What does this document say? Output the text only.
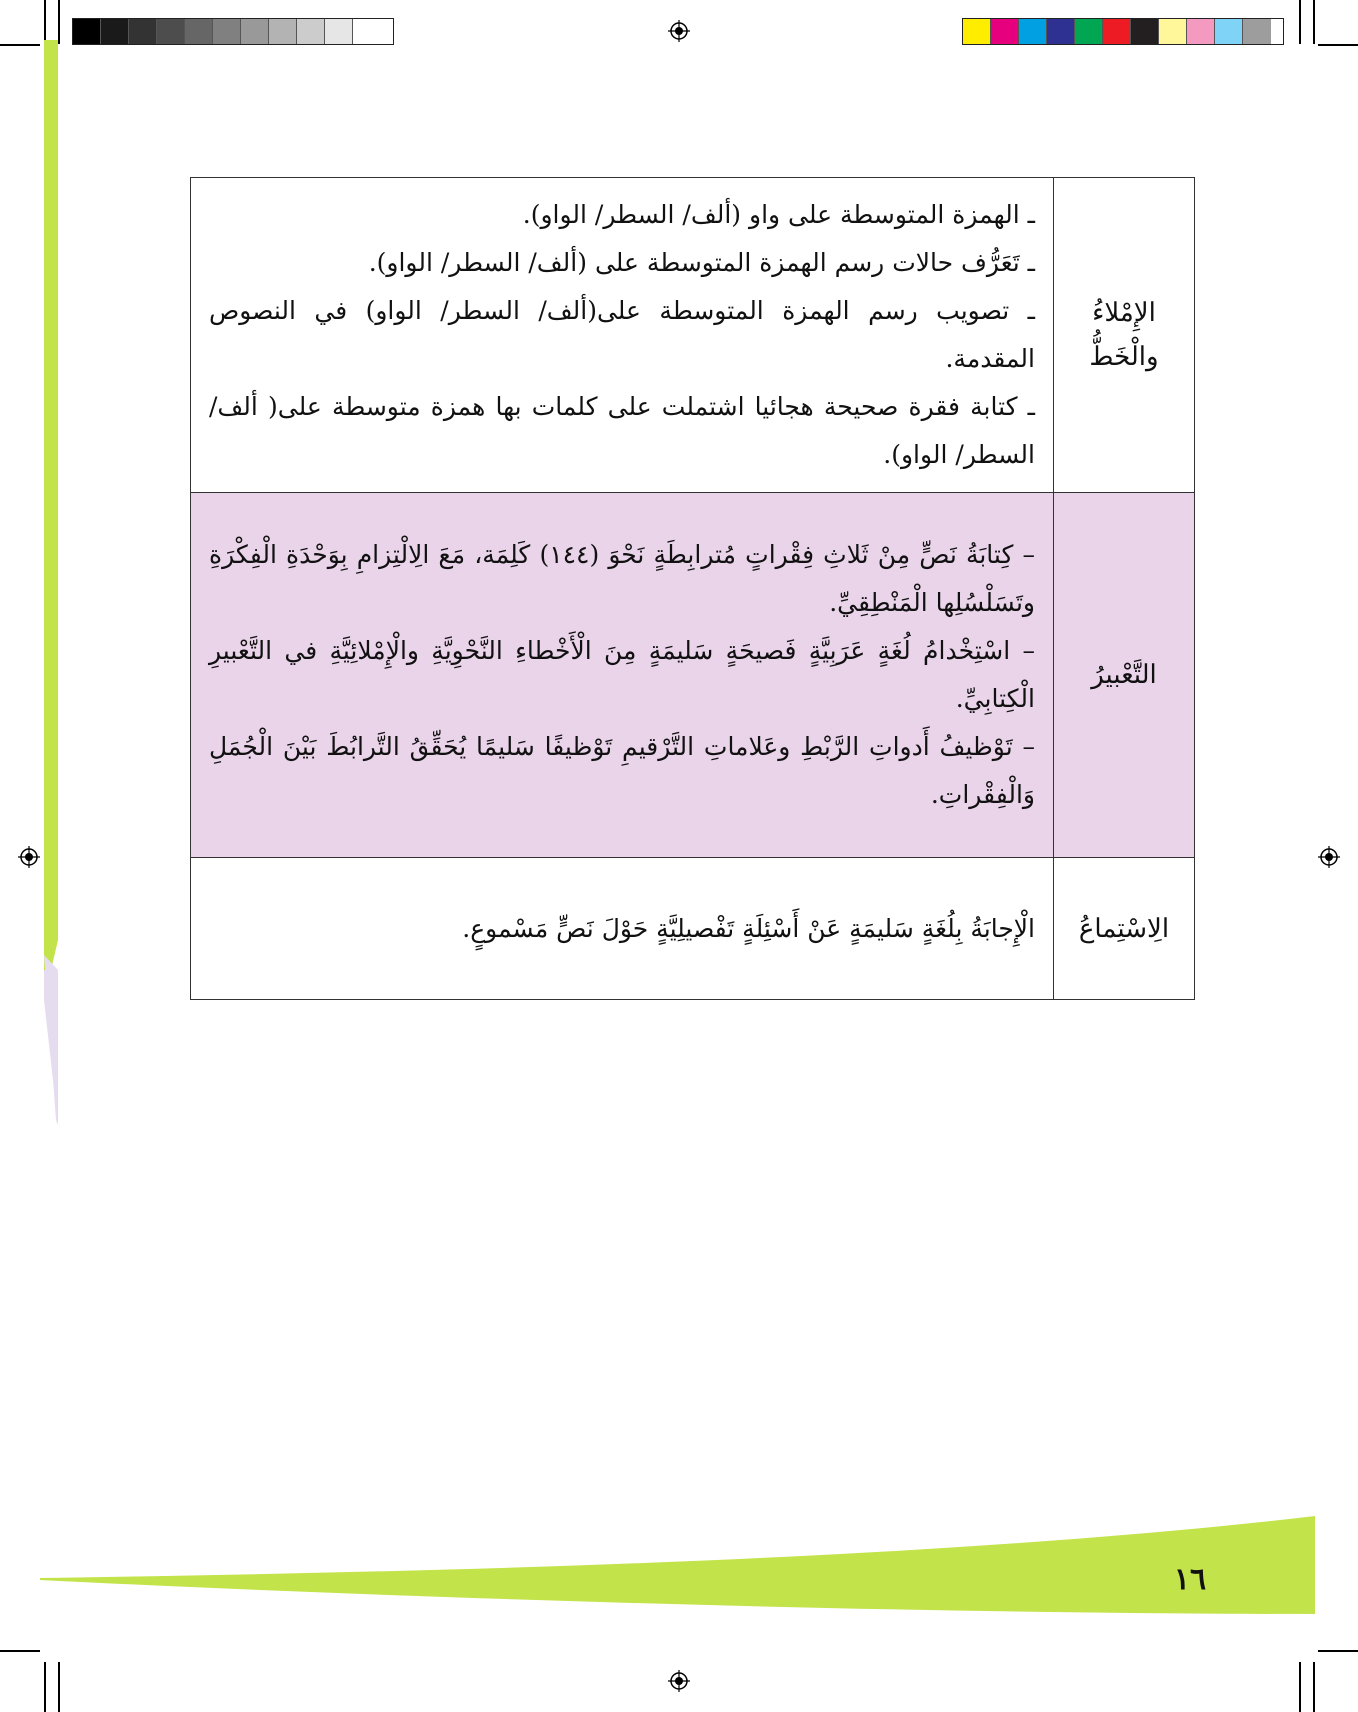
الإِمْلاءُ
والْخَطُّ	ـ الهمزة المتوسطة على واو (ألف/ السطر/ الواو).
ـ تَعَرُّف حالات رسم الهمزة المتوسطة على (ألف/ السطر/ الواو).
ـ تصويب رسم الهمزة المتوسطة على(ألف/ السطر/ الواو) في النصوص المقدمة.
ـ كتابة فقرة صحيحة هجائيا اشتملت على كلمات بها همزة متوسطة على( ألف/ السطر/ الواو).

التَّعْبيرُ	– كِتابَةُ نَصٍّ مِنْ ثَلاثِ فِقْراتٍ مُترابِطَةٍ نَحْوَ (١٤٤) كَلِمَة، مَعَ الِالْتِزامِ بِوَحْدَةِ الْفِكْرَةِ وتَسَلْسُلِها الْمَنْطِقِيِّ.
– اسْتِخْدامُ لُغَةٍ عَرَبِيَّةٍ فَصيحَةٍ سَليمَةٍ مِنَ الْأَخْطاءِ النَّحْوِيَّةِ والْإِمْلائِيَّةِ في التَّعْبيرِ الْكِتابِيِّ.
– تَوْظيفُ أَدواتِ الرَّبْطِ وعَلاماتِ التَّرْقيمِ تَوْظيفًا سَليمًا يُحَقِّقُ التَّرابُطَ بَيْنَ الْجُمَلِ وَالْفِقْراتِ.

الِاسْتِماعُ	الْإِجابَةُ بِلُغَةٍ سَليمَةٍ عَنْ أَسْئِلَةٍ تَفْصيلِيَّةٍ حَوْلَ نَصٍّ مَسْموعٍ.
١٦
